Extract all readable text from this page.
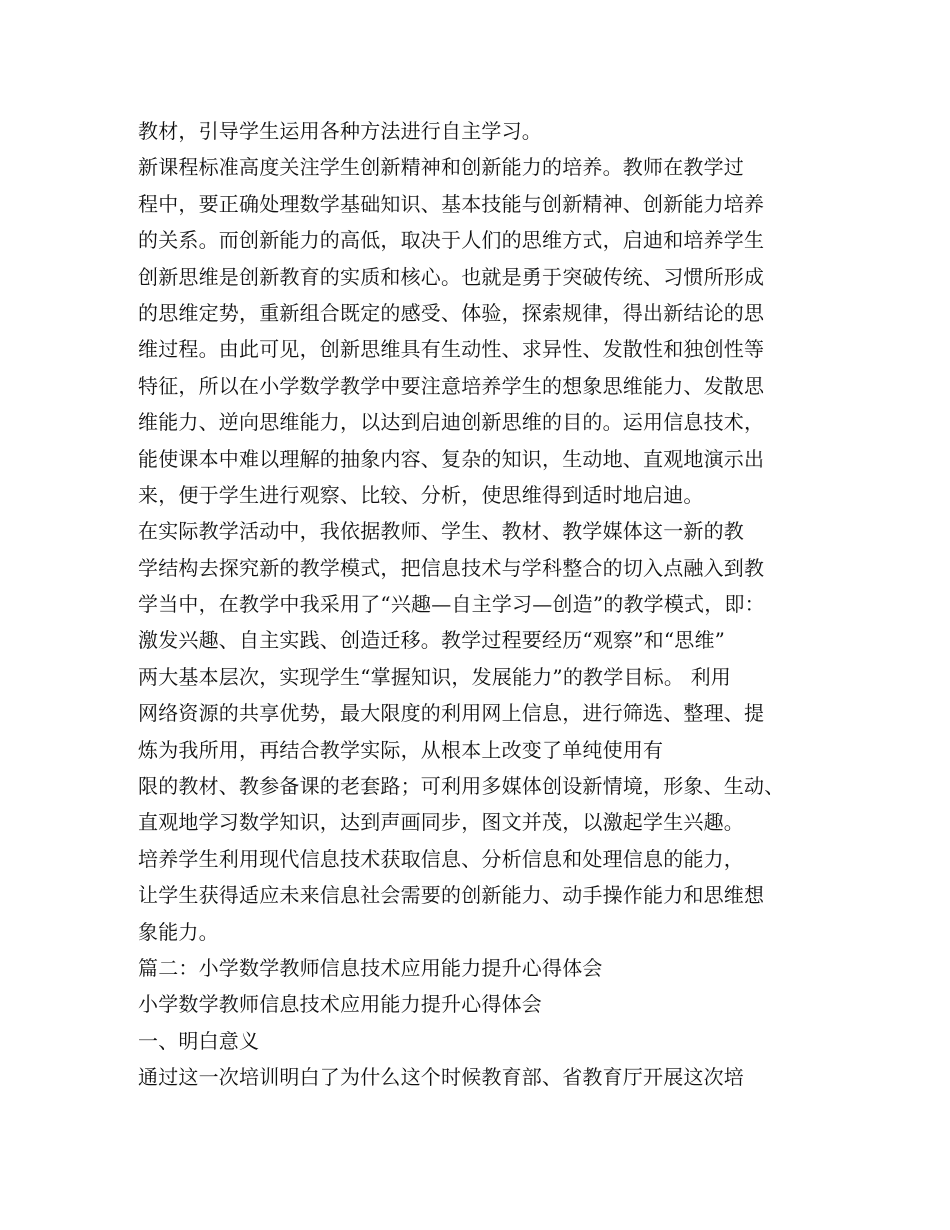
教材，引导学生运用各种方法进行自主学习。
新课程标准高度关注学生创新精神和创新能力的培养。教师在教学过
程中，要正确处理数学基础知识、基本技能与创新精神、创新能力培养
的关系。而创新能力的高低，取决于人们的思维方式，启迪和培养学生
创新思维是创新教育的实质和核心。也就是勇于突破传统、习惯所形成
的思维定势，重新组合既定的感受、体验，探索规律，得出新结论的思
维过程。由此可见，创新思维具有生动性、求异性、发散性和独创性等
特征，所以在小学数学教学中要注意培养学生的想象思维能力、发散思
维能力、逆向思维能力，以达到启迪创新思维的目的。运用信息技术，
能使课本中难以理解的抽象内容、复杂的知识，生动地、直观地演示出
来，便于学生进行观察、比较、分析，使思维得到适时地启迪。
在实际教学活动中，我依据教师、学生、教材、教学媒体这一新的教
学结构去探究新的教学模式，把信息技术与学科整合的切入点融入到教
学当中，在教学中我采用了“兴趣—自主学习—创造”的教学模式，即：
激发兴趣、自主实践、创造迁移。教学过程要经历“观察”和“思维”
两大基本层次，实现学生“掌握知识，发展能力”的教学目标。 利用
网络资源的共享优势，最大限度的利用网上信息，进行筛选、整理、提
炼为我所用，再结合教学实际，从根本上改变了单纯使用有
限的教材、教参备课的老套路；可利用多媒体创设新情境，形象、生动、
直观地学习数学知识，达到声画同步，图文并茂，以激起学生兴趣。
培养学生利用现代信息技术获取信息、分析信息和处理信息的能力，
让学生获得适应未来信息社会需要的创新能力、动手操作能力和思维想
象能力。
篇二：小学数学教师信息技术应用能力提升心得体会
小学数学教师信息技术应用能力提升心得体会
一、明白意义
通过这一次培训明白了为什么这个时候教育部、省教育厅开展这次培
